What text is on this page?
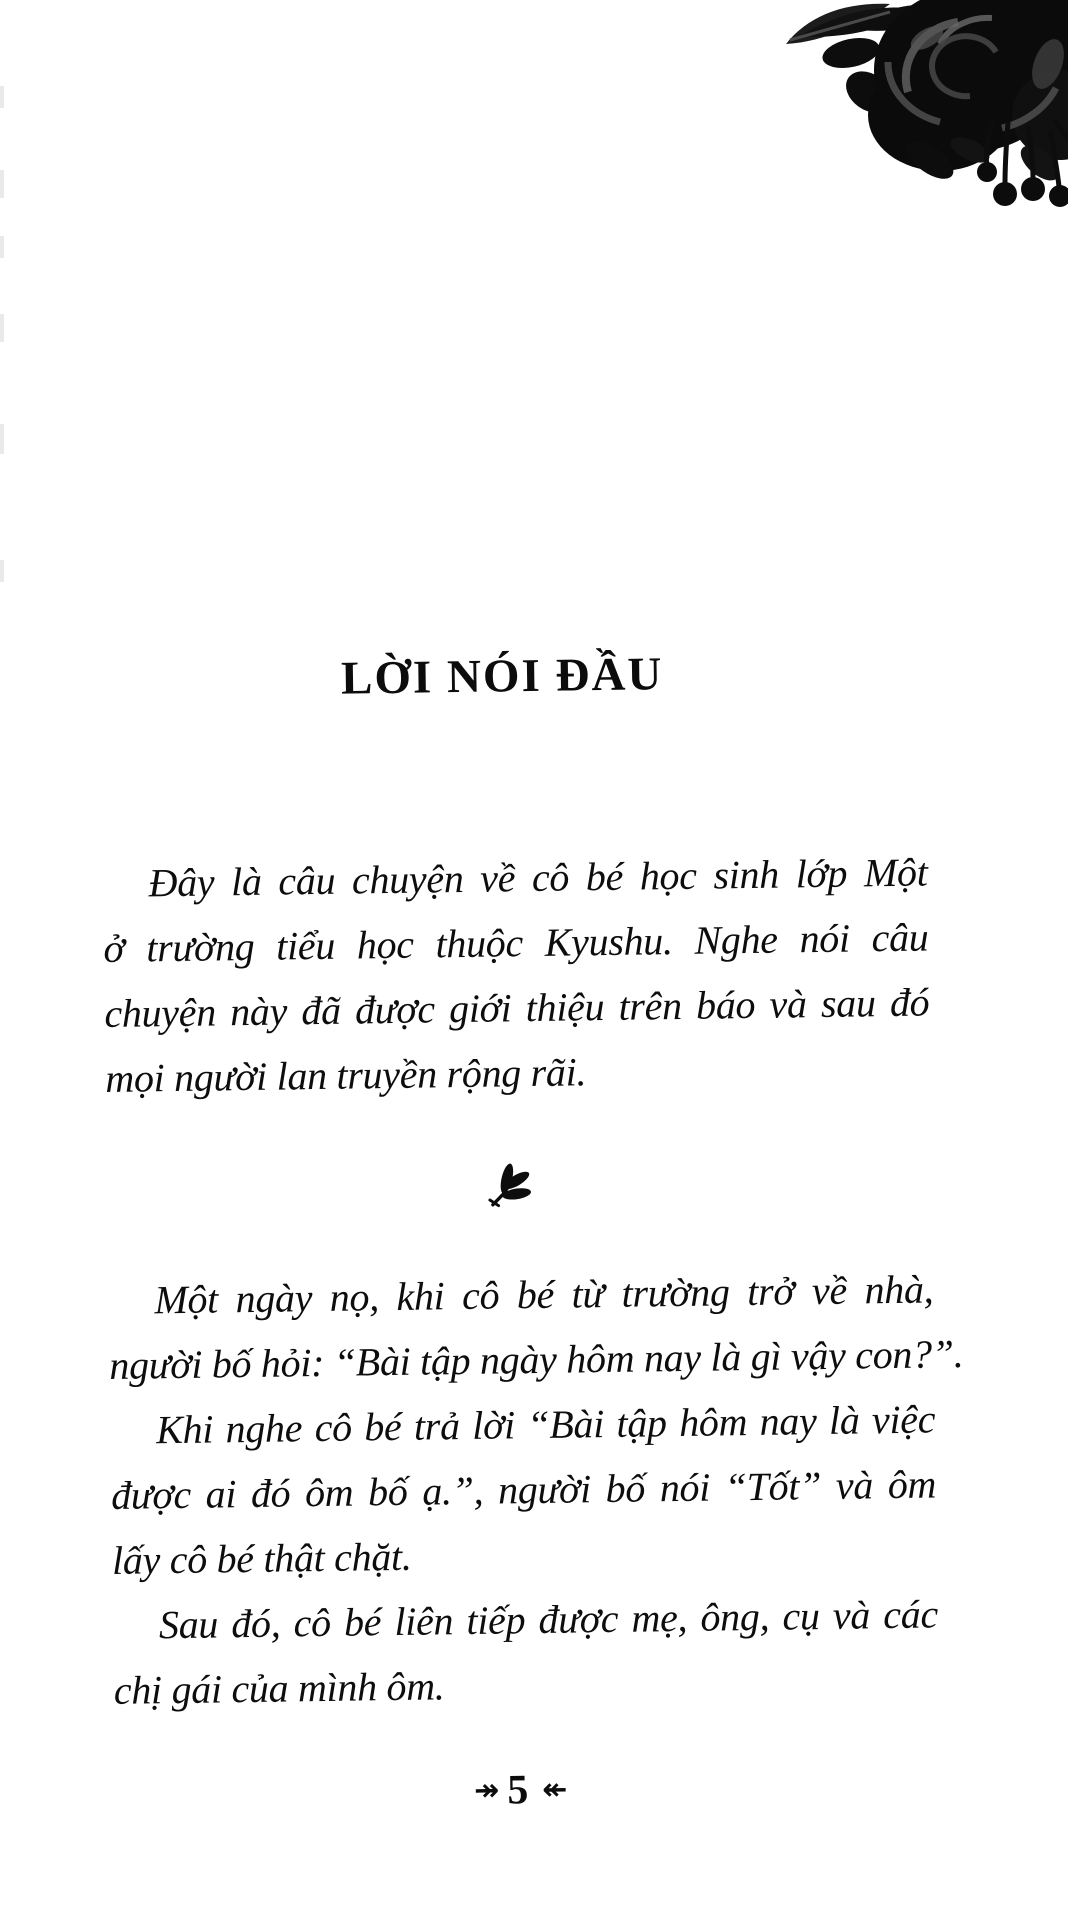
LỜI NÓI ĐẦU
Đây là câu chuyện về cô bé học sinh lớp Một
ở trường tiểu học thuộc Kyushu. Nghe nói câu
chuyện này đã được giới thiệu trên báo và sau đó
mọi người lan truyền rộng rãi.
Một ngày nọ, khi cô bé từ trường trở về nhà,
người bố hỏi: “Bài tập ngày hôm nay là gì vậy con?”.
Khi nghe cô bé trả lời “Bài tập hôm nay là việc
được ai đó ôm bố ạ.”, người bố nói “Tốt” và ôm
lấy cô bé thật chặt.
Sau đó, cô bé liên tiếp được mẹ, ông, cụ và các
chị gái của mình ôm.
↠ 5 ↞
